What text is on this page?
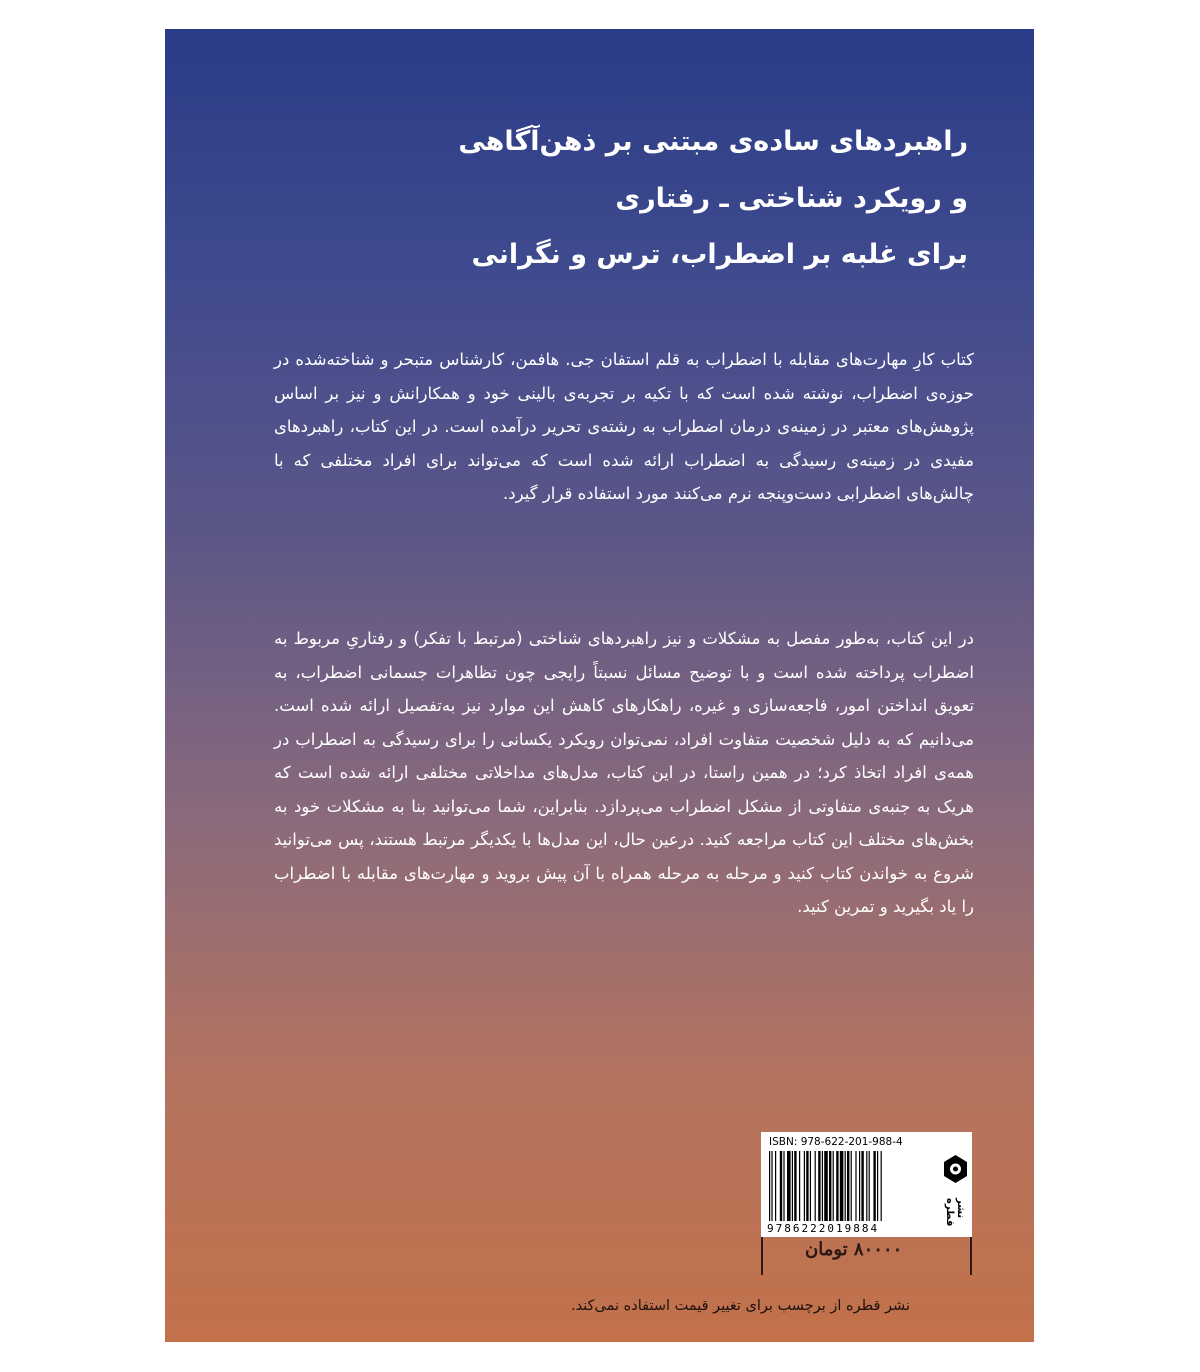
راهبردهای ساده‌ی مبتنی بر ذهن‌آگاهی
و رویکرد شناختی ـ رفتاری
برای غلبه بر اضطراب، ترس و نگرانی

کتاب کارِ مهارت‌های مقابله با اضطراب به قلم استفان جی. هافمن، کارشناس متبحر و شناخته‌شده در حوزه‌ی اضطراب، نوشته شده است که با تکیه بر تجربه‌ی بالینی خود و همکارانش و نیز بر اساس پژوهش‌های معتبر در زمینه‌ی درمان اضطراب به رشته‌ی تحریر درآمده است. در این کتاب، راهبردهای مفیدی در زمینه‌ی رسیدگی به اضطراب ارائه شده است که می‌تواند برای افراد مختلفی که با چالش‌های اضطرابی دست‌وپنجه نرم می‌کنند مورد استفاده قرار گیرد.

در این کتاب، به‌طور مفصل به مشکلات و نیز راهبردهای شناختی (مرتبط با تفکر) و رفتاریِ مربوط به اضطراب پرداخته شده است و با توضیح مسائل نسبتاً رایجی چون تظاهرات جسمانی اضطراب، به تعویق انداختن امور، فاجعه‌سازی و غیره، راهکارهای کاهش این موارد نیز به‌تفصیل ارائه شده است. می‌دانیم که به دلیل شخصیت متفاوت افراد، نمی‌توان رویکرد یکسانی را برای رسیدگی به اضطراب در همه‌ی افراد اتخاذ کرد؛ در همین راستا، در این کتاب، مدل‌های مداخلاتی مختلفی ارائه شده است که هریک به جنبه‌ی متفاوتی از مشکل اضطراب می‌پردازد. بنابراین، شما می‌توانید بنا به مشکلات خود به بخش‌های مختلف این کتاب مراجعه کنید. درعین حال، این مدل‌ها با یکدیگر مرتبط هستند، پس می‌توانید شروع به خواندن کتاب کنید و مرحله به مرحله همراه با آن پیش بروید و مهارت‌های مقابله با اضطراب را یاد بگیرید و تمرین کنید.

ISBN: 978-622-201-988-4
9786222019884
نشر قطره
۸۰۰۰۰ تومان
نشر قطره از برچسب برای تغییر قیمت استفاده نمی‌کند.
